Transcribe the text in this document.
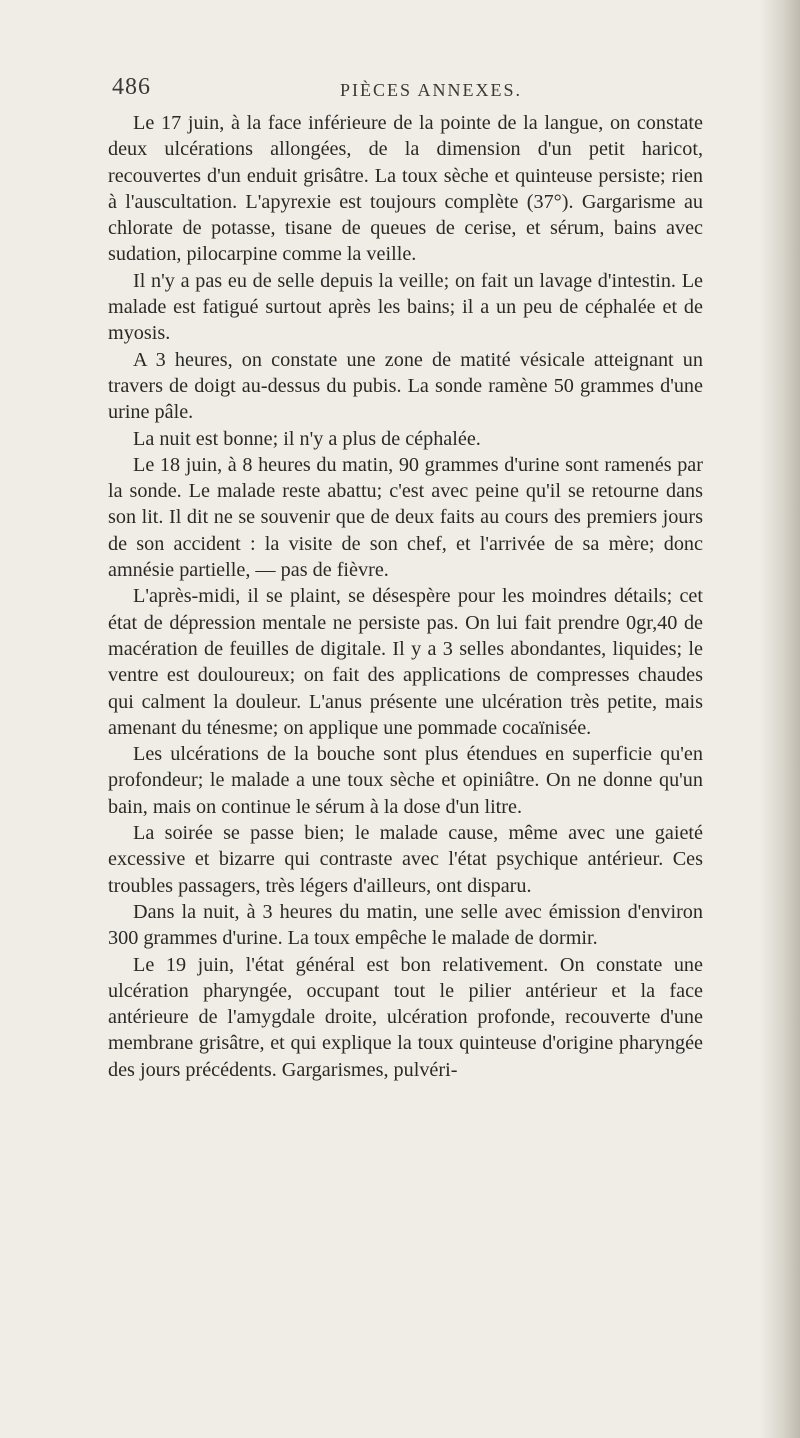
486	PIÈCES ANNEXES.

Le 17 juin, à la face inférieure de la pointe de la langue, on constate deux ulcérations allongées, de la dimension d'un petit haricot, recouvertes d'un enduit grisâtre. La toux sèche et quinteuse persiste; rien à l'auscultation. L'apyrexie est toujours complète (37°). Gargarisme au chlorate de potasse, tisane de queues de cerise, et sérum, bains avec sudation, pilocarpine comme la veille.

Il n'y a pas eu de selle depuis la veille; on fait un lavage d'intestin. Le malade est fatigué surtout après les bains; il a un peu de céphalée et de myosis.

A 3 heures, on constate une zone de matité vésicale atteignant un travers de doigt au-dessus du pubis. La sonde ramène 50 grammes d'une urine pâle.

La nuit est bonne; il n'y a plus de céphalée.

Le 18 juin, à 8 heures du matin, 90 grammes d'urine sont ramenés par la sonde. Le malade reste abattu; c'est avec peine qu'il se retourne dans son lit. Il dit ne se souvenir que de deux faits au cours des premiers jours de son accident : la visite de son chef, et l'arrivée de sa mère; donc amnésie partielle, — pas de fièvre.

L'après-midi, il se plaint, se désespère pour les moindres détails; cet état de dépression mentale ne persiste pas. On lui fait prendre 0gr,40 de macération de feuilles de digitale. Il y a 3 selles abondantes, liquides; le ventre est douloureux; on fait des applications de compresses chaudes qui calment la douleur. L'anus présente une ulcération très petite, mais amenant du ténesme; on applique une pommade cocaïnisée.

Les ulcérations de la bouche sont plus étendues en superficie qu'en profondeur; le malade a une toux sèche et opiniâtre. On ne donne qu'un bain, mais on continue le sérum à la dose d'un litre.

La soirée se passe bien; le malade cause, même avec une gaieté excessive et bizarre qui contraste avec l'état psychique antérieur. Ces troubles passagers, très légers d'ailleurs, ont disparu.

Dans la nuit, à 3 heures du matin, une selle avec émission d'environ 300 grammes d'urine. La toux empêche le malade de dormir.

Le 19 juin, l'état général est bon relativement. On constate une ulcération pharyngée, occupant tout le pilier antérieur et la face antérieure de l'amygdale droite, ulcération profonde, recouverte d'une membrane grisâtre, et qui explique la toux quinteuse d'origine pharyngée des jours précédents. Gargarismes, pulvéri-
